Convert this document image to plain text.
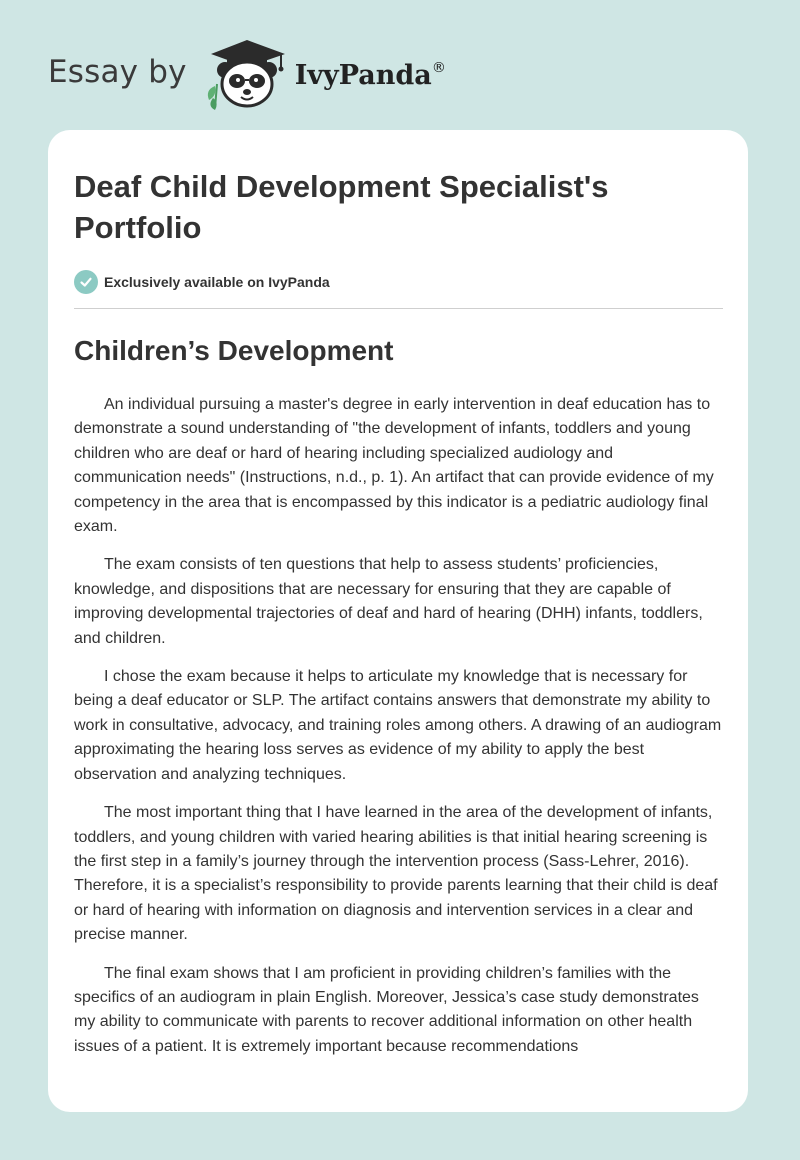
Essay by	IvyPanda®
Deaf Child Development Specialist's Portfolio
Exclusively available on IvyPanda
Children’s Development

An individual pursuing a master's degree in early intervention in deaf education has to demonstrate a sound understanding of "the development of infants, toddlers and young children who are deaf or hard of hearing including specialized audiology and communication needs" (Instructions, n.d., p. 1). An artifact that can provide evidence of my competency in the area that is encompassed by this indicator is a pediatric audiology final exam.

The exam consists of ten questions that help to assess students’ proficiencies, knowledge, and dispositions that are necessary for ensuring that they are capable of improving developmental trajectories of deaf and hard of hearing (DHH) infants, toddlers, and children.

I chose the exam because it helps to articulate my knowledge that is necessary for being a deaf educator or SLP. The artifact contains answers that demonstrate my ability to work in consultative, advocacy, and training roles among others. A drawing of an audiogram approximating the hearing loss serves as evidence of my ability to apply the best observation and analyzing techniques.

The most important thing that I have learned in the area of the development of infants, toddlers, and young children with varied hearing abilities is that initial hearing screening is the first step in a family’s journey through the intervention process (Sass-Lehrer, 2016). Therefore, it is a specialist’s responsibility to provide parents learning that their child is deaf or hard of hearing with information on diagnosis and intervention services in a clear and precise manner.

The final exam shows that I am proficient in providing children’s families with the specifics of an audiogram in plain English. Moreover, Jessica’s case study demonstrates my ability to communicate with parents to recover additional information on other health issues of a patient. It is extremely important because recommendations
